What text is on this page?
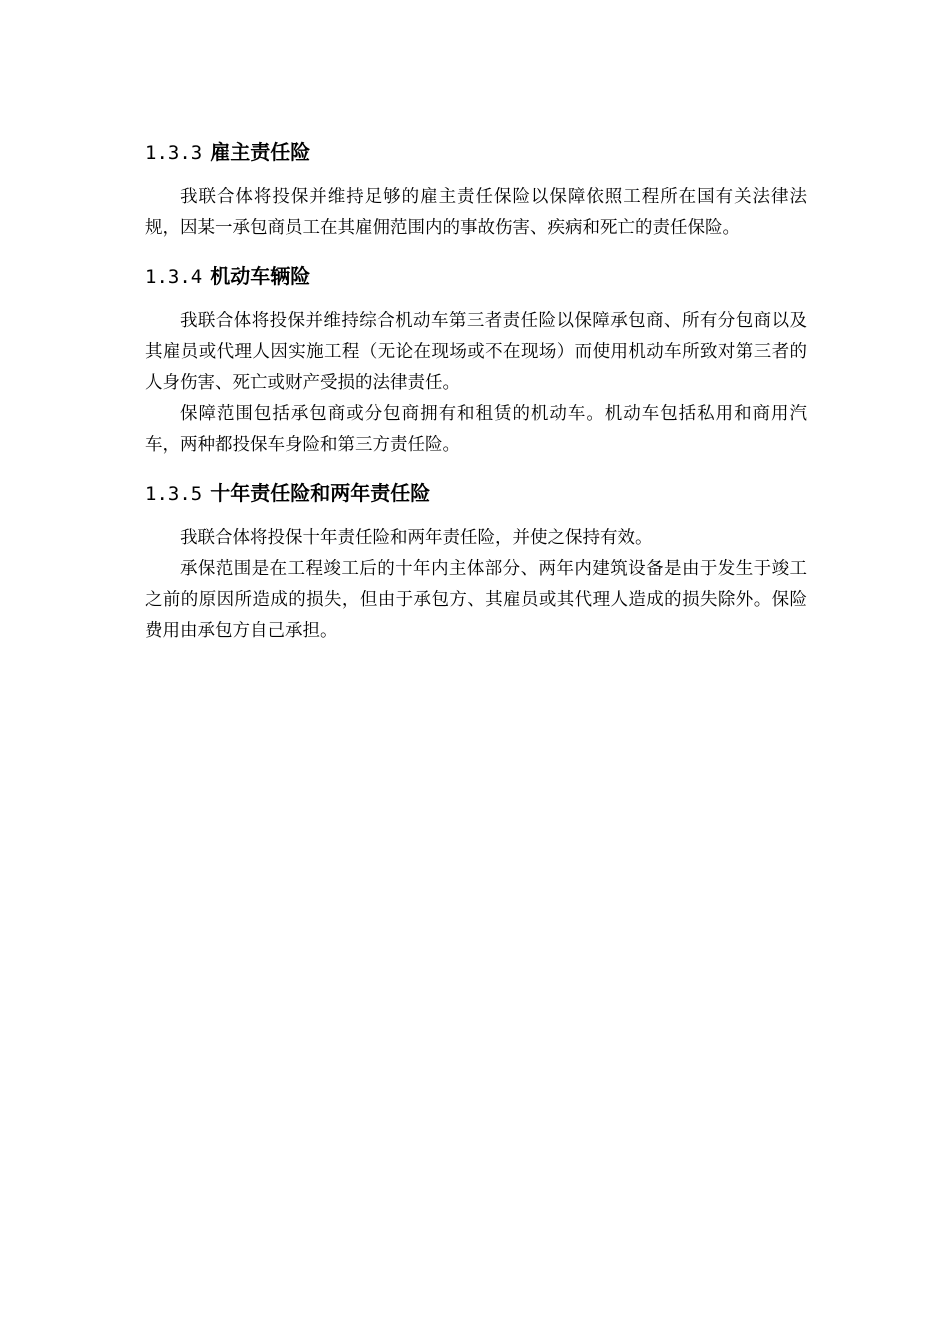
1.3.3 雇主责任险

我联合体将投保并维持足够的雇主责任保险以保障依照工程所在国有关法律法规，因某一承包商员工在其雇佣范围内的事故伤害、疾病和死亡的责任保险。

1.3.4 机动车辆险

我联合体将投保并维持综合机动车第三者责任险以保障承包商、所有分包商以及其雇员或代理人因实施工程（无论在现场或不在现场）而使用机动车所致对第三者的人身伤害、死亡或财产受损的法律责任。

保障范围包括承包商或分包商拥有和租赁的机动车。机动车包括私用和商用汽车，两种都投保车身险和第三方责任险。

1.3.5 十年责任险和两年责任险

我联合体将投保十年责任险和两年责任险，并使之保持有效。

承保范围是在工程竣工后的十年内主体部分、两年内建筑设备是由于发生于竣工之前的原因所造成的损失，但由于承包方、其雇员或其代理人造成的损失除外。保险费用由承包方自己承担。
